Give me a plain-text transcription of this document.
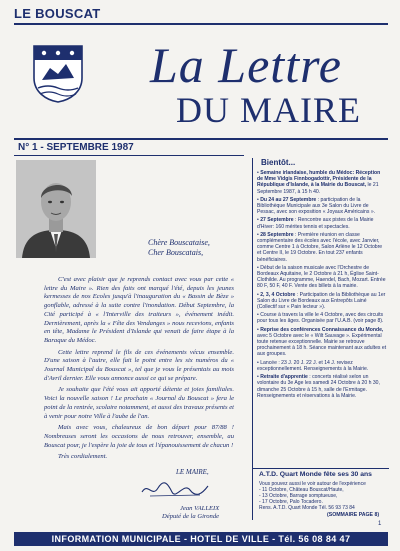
LE BOUSCAT
La Lettre
DU MAIRE
N° 1 - SEPTEMBRE 1987
Chère Bouscataise,
Cher Bouscatais,

C'est avec plaisir que je reprends contact avec vous par cette « lettre du Maire ». Rien des faits ont marqué l'été, depuis les jeunes kermesses de nos Ecoles jusqu'à l'inauguration du « Bassin de Bèze » gonflable, adressé à la suite contre l'inondation. Début Septembre, la Cité participé à « l'Interville des traiteurs », événement inédit. Dernièrement, après la « Fête des Vendanges » nous recevions, enfants en tête, Madame le Président d'Islande qui venait de faire étape à la Baraque du Médoc.

Cette lettre reprend le fils de ces événements vécus ensemble. D'une saison à l'autre, elle fait le point entre les six numéros du « Journal Municipal du Bouscat », tel que je vous le présentais au mois d'Avril dernier. Elle vous annonce aussi ce qui se prépare.

Je souhaite que l'été vous ait apporté détente et joies familiales. Voici la nouvelle saison ! Le prochain « Journal du Bouscat » fera le point de la rentrée, scolaire notamment, et aussi des travaux présents et à venir pour notre Ville à l'aube de l'an.

Mais avec vous, chaleureux de bon départ pour 87/88 ! Nombreuses seront les occasions de nous retrouver, ensemble, au Bouscat pour, je l'espère la joie de tous et l'épanouissement de chacun !

Très cordialement.

LE MAIRE,
Jean VALLEIX
Député de la Gironde
Bientôt...
• Semaine irlandaise, humble du Médoc: Réception de Mme Vidgis Finnbogadottir, Présidente de la République d'Islande, à la Mairie du Bouscat, le 21 Septembre 1987, à 15 h 40.
• Du 24 au 27 Septembre : participation de la Bibliothèque Municipale aux 3e Salon du Livre de Pessac, avec son exposition « Joyaux Américains ».
• 27 Septembre : Rencontre aux pistes de la Mairie d'Hiver: 160 mérites tennis et spectacles.
• 28 Septembre : Première réunion en classe complémentaire des écoles avec l'école, avec Janvier, comme Centre 1 à Octobre, Salon Arlène le 12 Octobre et Centre II, le 19 Octobre. En tout 237 enfants bénéficiaires.
• Début de la saison musicale avec l'Orchestre de Bordeaux Aquitaine, le 2 Octobre à 21 h, Église Saint-Clothilde. Au programme, Haendel, Bach, Mozart. Entrée 80 F, 50 F, 40 F. Vente des billets à la mairie.
• 2, 3, 4 Octobre : Participation de la Bibliothèque au 1er Salon du Livre de Bordeaux aux Entrepôts Lainé (Collectif sur « Pain lecteur »).
• Course à travers la ville le 4 Octobre, avec des circuits pour tous les âges. Organisée par l'U.A.B. (voir page 8).
• Reprise des conférences Connaissance du Monde, avec 5 Octobre avec le « Wilt Sauvage ». Expérimental toute retenue exceptionnelle. Mairie se retrouve prochainement à 18 h. Séance maintenant aux adultes et aux groupes.
• Lancée : 23 J. 20 J. 22 J. et 14 J. revisez exceptionnellement. Renseignements à la Mairie.
• Retraite d'apprentie : concerts réalisé selon un volontaire du 3e Age les samedi 24 Octobre à 20 h 30, dimanche 25 Octobre à 15 h, salle de l'Ermitage. Renseignements et réservations à la Mairie.
A.T.D. Quart Monde fête ses 30 ans
Vous pouvez aussi le voir autour de l'expérience
- 11 Octobre, Château Bouscat/Haute,
- 13 Octobre, Barrage somptueuse,
- 17 Octobre, Palo Tocadero.
Rens. A.T.D. Quart Monde Tél. 56 93 73 84
(SOMMAIRE PAGE 8)
1
INFORMATION MUNICIPALE - HOTEL DE VILLE - Tél. 56 08 84 47
